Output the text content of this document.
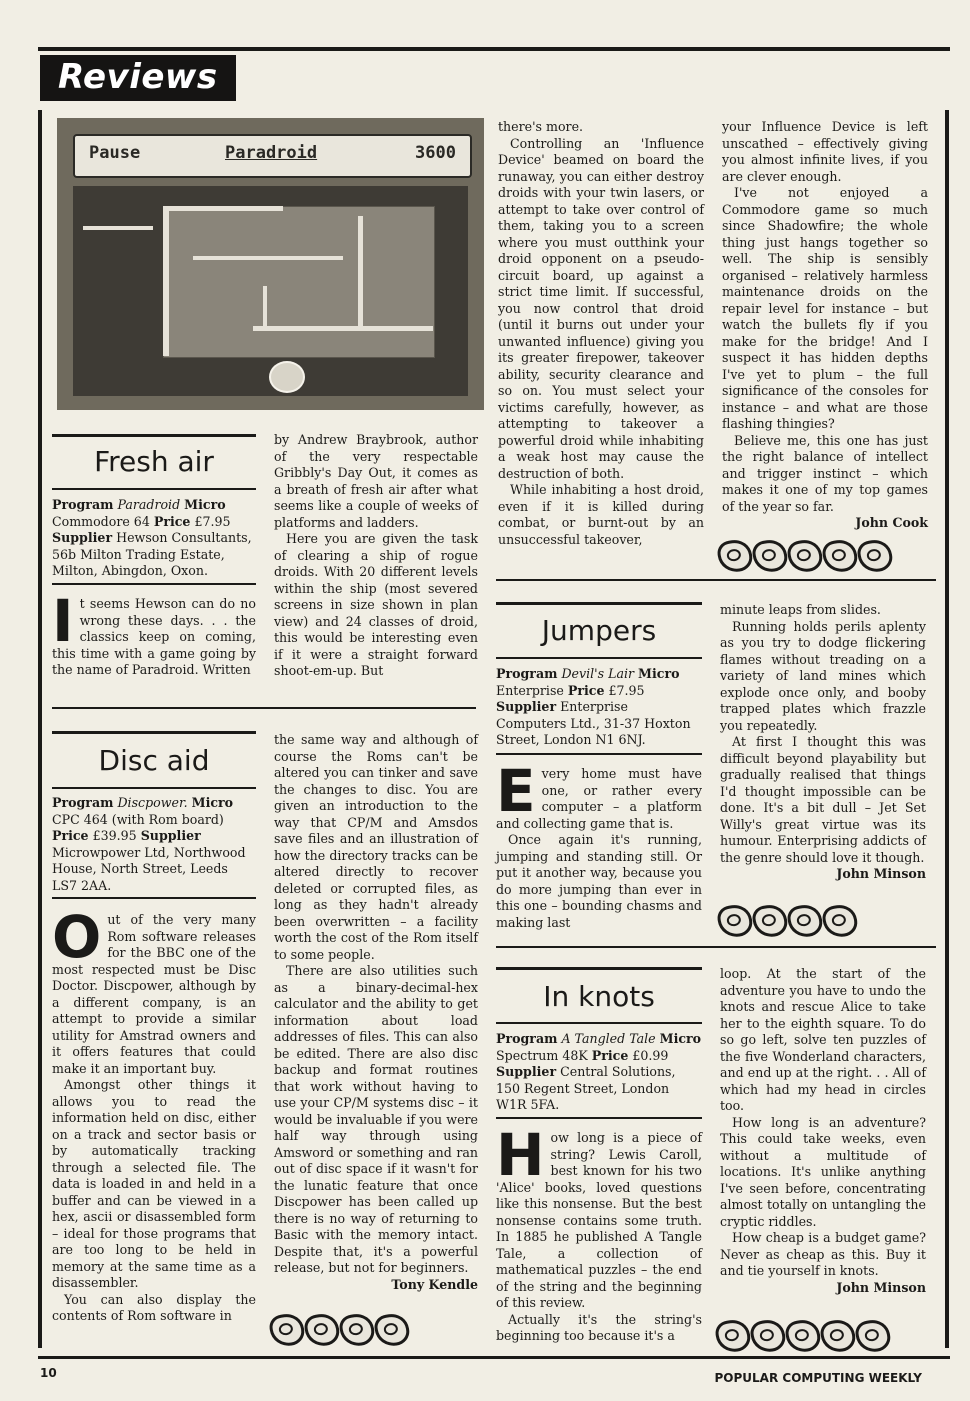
Reviews
Pause	Paradroid	3600
Fresh air
Program Paradroid Micro Commodore 64 Price £7.95 Supplier Hewson Consultants, 56b Milton Trading Estate, Milton, Abingdon, Oxon.

It seems Hewson can do no wrong these days. . . the classics keep on coming, this time with a game going by the name of Paradroid. Written

by Andrew Braybrook, author of the very respectable Gribbly's Day Out, it comes as a breath of fresh air after what seems like a couple of weeks of platforms and ladders.

Here you are given the task of clearing a ship of rogue droids. With 20 different levels within the ship (most severed screens in size shown in plan view) and 24 classes of droid, this would be interesting even if it were a straight forward shoot-em-up. But

there's more.

Controlling an 'Influence Device' beamed on board the runaway, you can either destroy droids with your twin lasers, or attempt to take over control of them, taking you to a screen where you must outthink your droid opponent on a pseudo-circuit board, up against a strict time limit. If successful, you now control that droid (until it burns out under your unwanted influence) giving you its greater firepower, takeover ability, security clearance and so on. You must select your victims carefully, however, as attempting to takeover a powerful droid while inhabiting a weak host may cause the destruction of both.

While inhabiting a host droid, even if it is killed during combat, or burnt-out by an unsuccessful takeover,

your Influence Device is left unscathed – effectively giving you almost infinite lives, if you are clever enough.

I've not enjoyed a Commodore game so much since Shadowfire; the whole thing just hangs together so well. The ship is sensibly organised – relatively harmless maintenance droids on the repair level for instance – but watch the bullets fly if you make for the bridge! And I suspect it has hidden depths I've yet to plum – the full significance of the consoles for instance – and what are those flashing thingies?

Believe me, this one has just the right balance of intellect and trigger instinct – which makes it one of my top games of the year so far.

John Cook
Disc aid
Program Discpower. Micro CPC 464 (with Rom board) Price £39.95 Supplier Microwpower Ltd, Northwood House, North Street, Leeds LS7 2AA.

Out of the very many Rom software releases for the BBC one of the most respected must be Disc Doctor. Discpower, although by a different company, is an attempt to provide a similar utility for Amstrad owners and it offers features that could make it an important buy.

Amongst other things it allows you to read the information held on disc, either on a track and sector basis or by automatically tracking through a selected file. The data is loaded in and held in a buffer and can be viewed in a hex, ascii or disassembled form – ideal for those programs that are too long to be held in memory at the same time as a disassembler.

You can also display the contents of Rom software in

the same way and although of course the Roms can't be altered you can tinker and save the changes to disc. You are given an introduction to the way that CP/M and Amsdos save files and an illustration of how the directory tracks can be altered directly to recover deleted or corrupted files, as long as they hadn't already been overwritten – a facility worth the cost of the Rom itself to some people.

There are also utilities such as a binary-decimal-hex calculator and the ability to get information about load addresses of files. This can also be edited. There are also disc backup and format routines that work without having to use your CP/M systems disc – it would be invaluable if you were half way through using Amsword or something and ran out of disc space if it wasn't for the lunatic feature that once Discpower has been called up there is no way of returning to Basic with the memory intact. Despite that, it's a powerful release, but not for beginners.

Tony Kendle
Jumpers
Program Devil's Lair Micro Enterprise Price £7.95 Supplier Enterprise Computers Ltd., 31-37 Hoxton Street, London N1 6NJ.

Every home must have one, or rather every computer – a platform and collecting game that is.

Once again it's running, jumping and standing still. Or put it another way, because you do more jumping than ever in this one – bounding chasms and making last

minute leaps from slides.

Running holds perils aplenty as you try to dodge flickering flames without treading on a variety of land mines which explode once only, and booby trapped plates which frazzle you repeatedly.

At first I thought this was difficult beyond playability but gradually realised that things I'd thought impossible can be done. It's a bit dull – Jet Set Willy's great virtue was its humour. Enterprising addicts of the genre should love it though.

John Minson
In knots
Program A Tangled Tale Micro Spectrum 48K Price £0.99 Supplier Central Solutions, 150 Regent Street, London W1R 5FA.

How long is a piece of string? Lewis Caroll, best known for his two 'Alice' books, loved questions like this nonsense. But the best nonsense contains some truth. In 1885 he published A Tangle Tale, a collection of mathematical puzzles – the end of the string and the beginning of this review.

Actually it's the string's beginning too because it's a

loop. At the start of the adventure you have to undo the knots and rescue Alice to take her to the eighth square. To do so go left, solve ten puzzles of the five Wonderland characters, and end up at the right. . . All of which had my head in circles too.

How long is an adventure? This could take weeks, even without a multitude of locations. It's unlike anything I've seen before, concentrating almost totally on untangling the cryptic riddles.

How cheap is a budget game? Never as cheap as this. Buy it and tie yourself in knots.

John Minson
10	POPULAR COMPUTING WEEKLY
